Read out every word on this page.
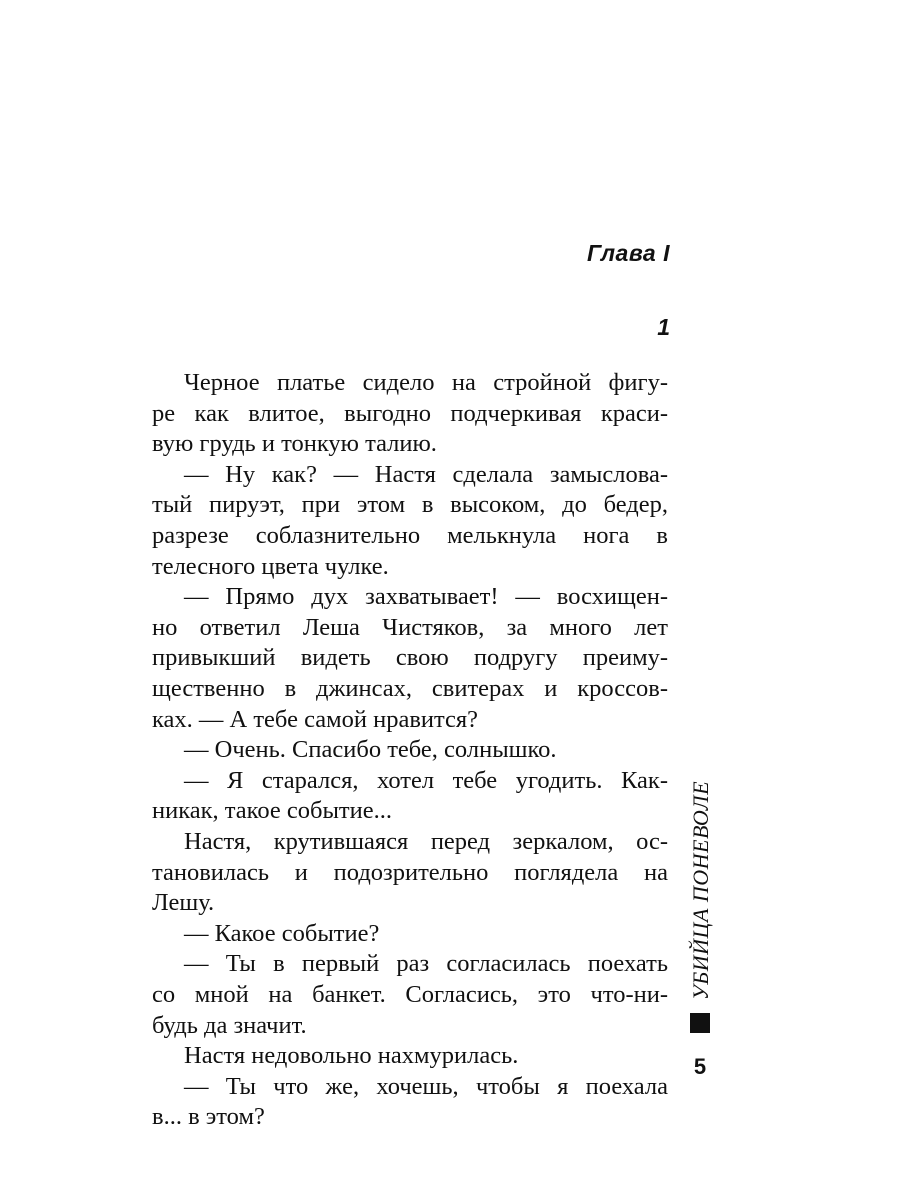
Глава I
1
Черное платье сидело на стройной фигу-
ре как влитое, выгодно подчеркивая краси-
вую грудь и тонкую талию.
— Ну как? — Настя сделала замыслова-
тый пируэт, при этом в высоком, до бедер,
разрезе соблазнительно мелькнула нога в
телесного цвета чулке.
— Прямо дух захватывает! — восхищен-
но ответил Леша Чистяков, за много лет
привыкший видеть свою подругу преиму-
щественно в джинсах, свитерах и кроссов-
ках. — А тебе самой нравится?
— Очень. Спасибо тебе, солнышко.
— Я старался, хотел тебе угодить. Как-
никак, такое событие...
Настя, крутившаяся перед зеркалом, ос-
тановилась и подозрительно поглядела на
Лешу.
— Какое событие?
— Ты в первый раз согласилась поехать
со мной на банкет. Согласись, это что-ни-
будь да значит.
Настя недовольно нахмурилась.
— Ты что же, хочешь, чтобы я поехала
в... в этом?
УБИЙЦА ПОНЕВОЛЕ
5
